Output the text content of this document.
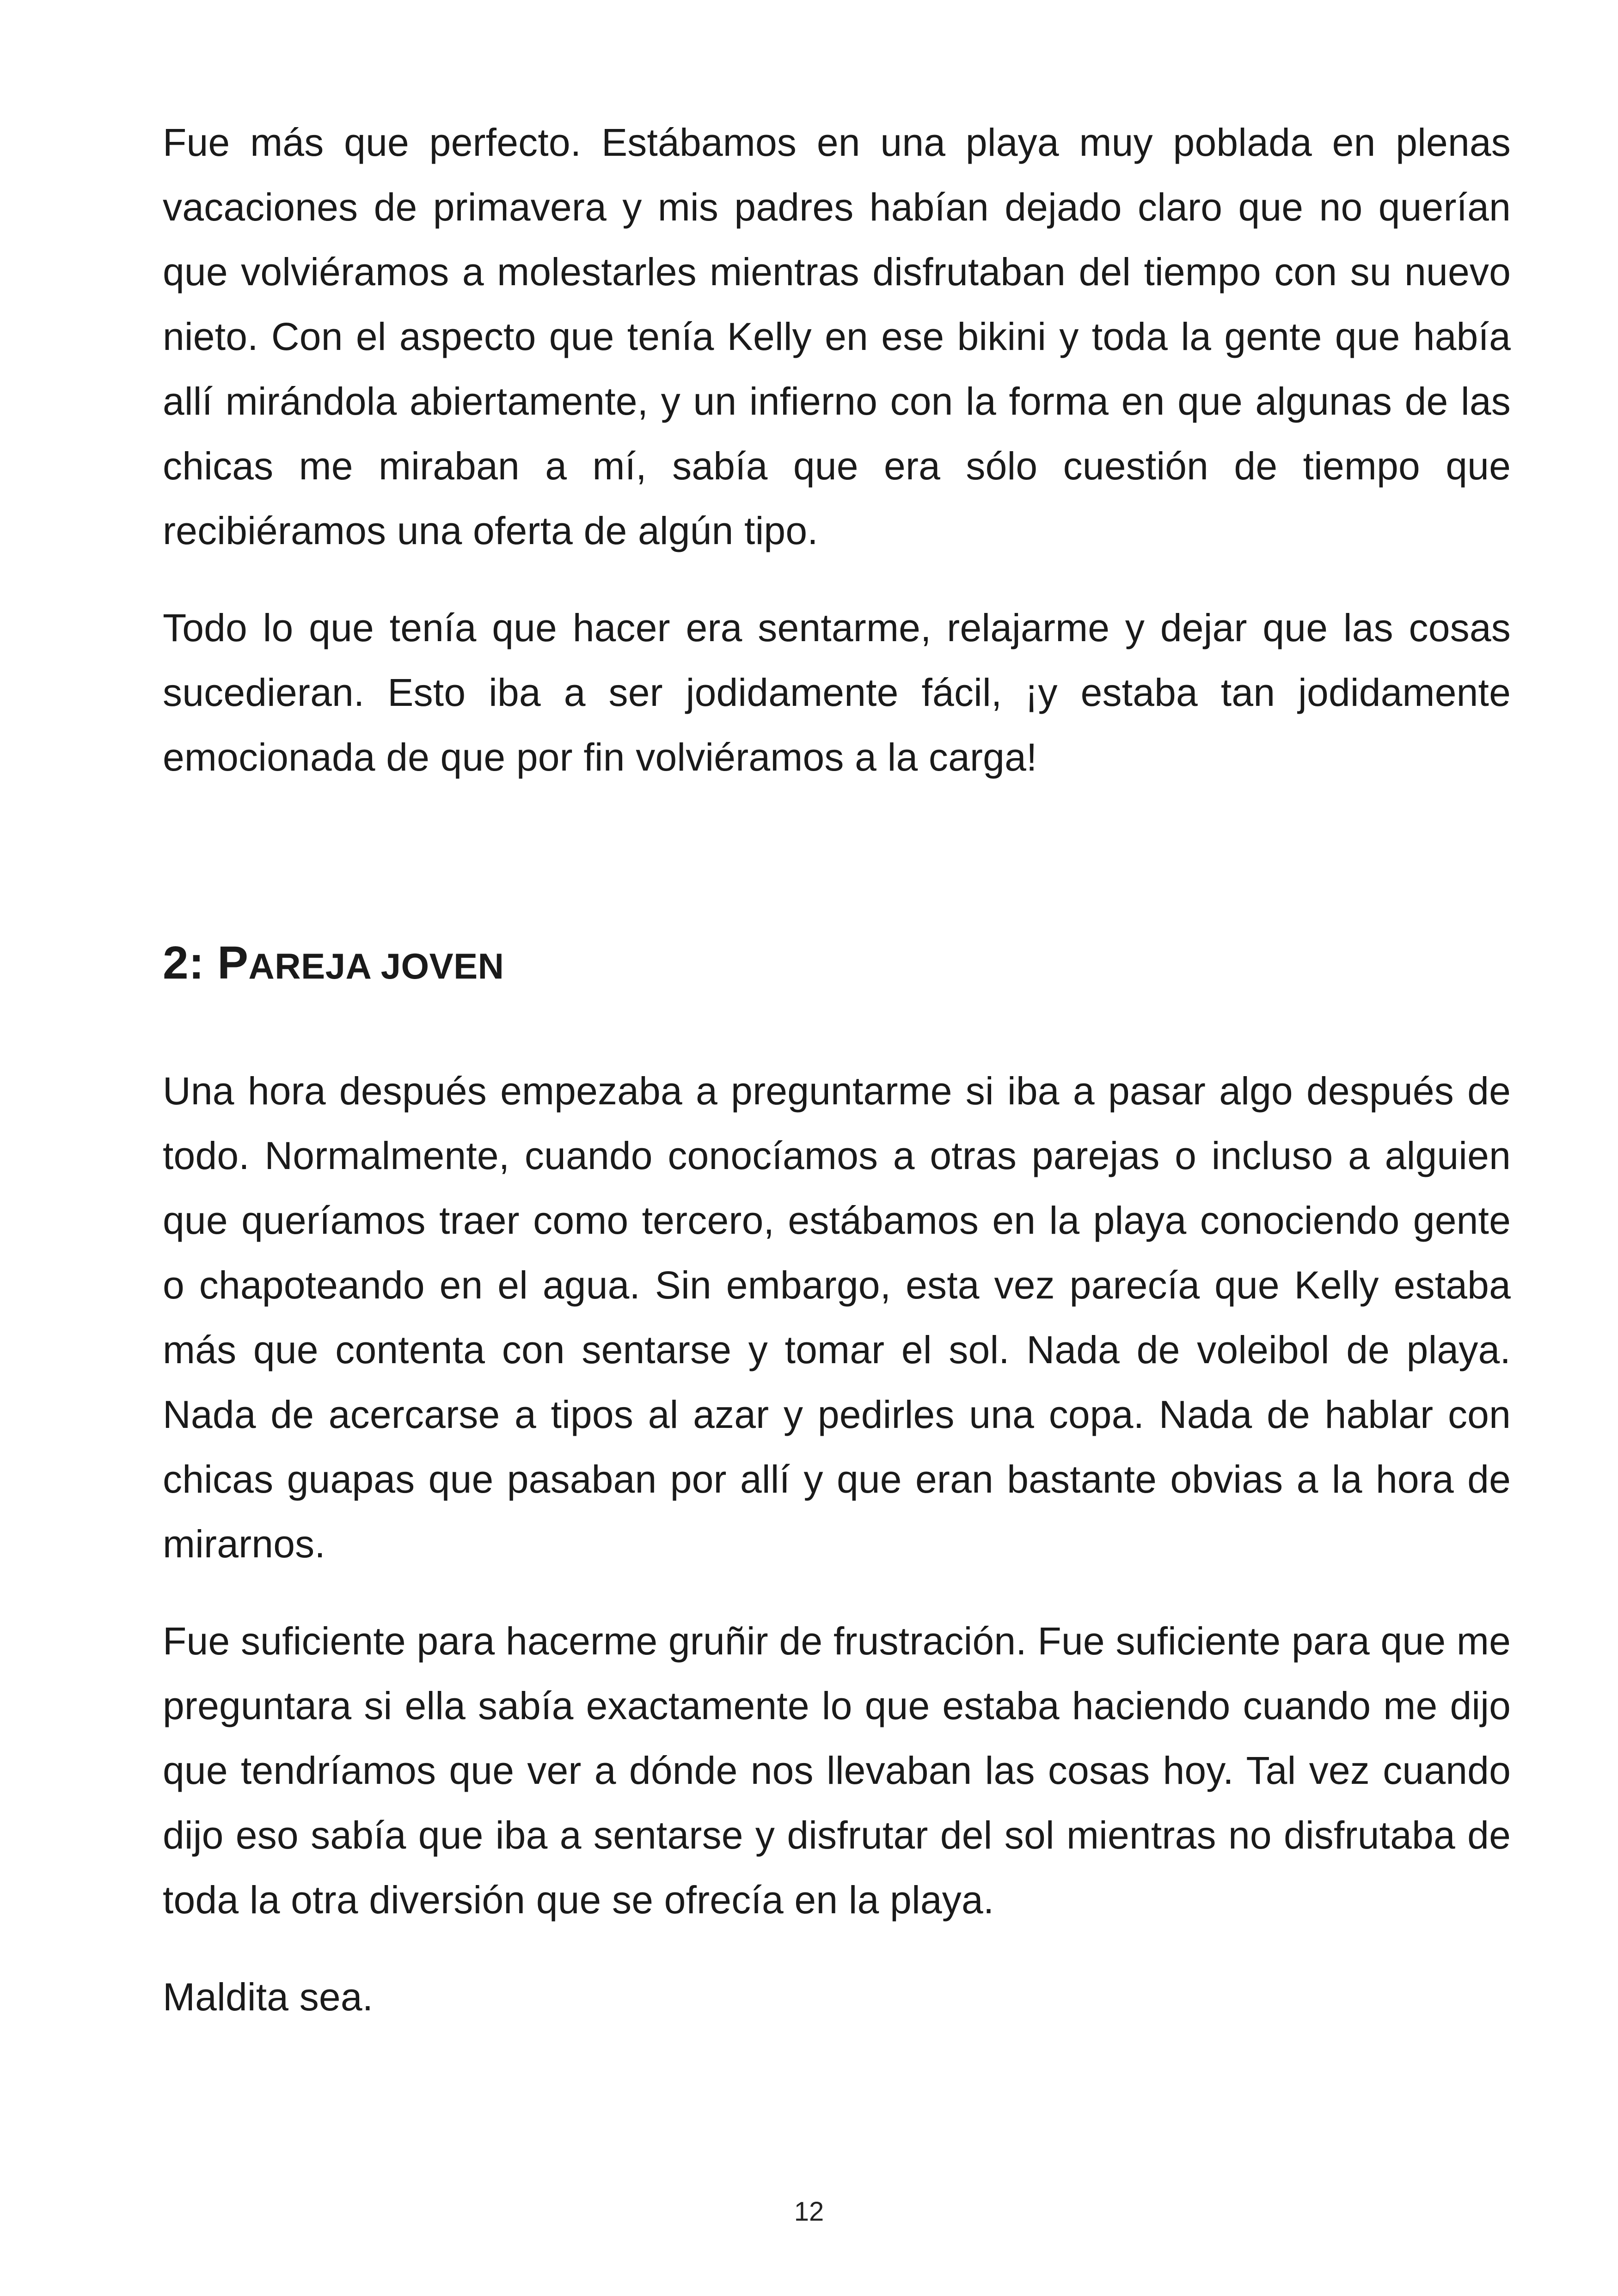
Fue más que perfecto. Estábamos en una playa muy poblada en plenas vacaciones de primavera y mis padres habían dejado claro que no querían que volviéramos a molestarles mientras disfrutaban del tiempo con su nuevo nieto. Con el aspecto que tenía Kelly en ese bikini y toda la gente que había allí mirándola abiertamente, y un infierno con la forma en que algunas de las chicas me miraban a mí, sabía que era sólo cuestión de tiempo que recibiéramos una oferta de algún tipo.

Todo lo que tenía que hacer era sentarme, relajarme y dejar que las cosas sucedieran. Esto iba a ser jodidamente fácil, ¡y estaba tan jodidamente emocionada de que por fin volviéramos a la carga!

2: PAREJA JOVEN

Una hora después empezaba a preguntarme si iba a pasar algo después de todo. Normalmente, cuando conocíamos a otras parejas o incluso a alguien que queríamos traer como tercero, estábamos en la playa conociendo gente o chapoteando en el agua. Sin embargo, esta vez parecía que Kelly estaba más que contenta con sentarse y tomar el sol. Nada de voleibol de playa. Nada de acercarse a tipos al azar y pedirles una copa. Nada de hablar con chicas guapas que pasaban por allí y que eran bastante obvias a la hora de mirarnos.

Fue suficiente para hacerme gruñir de frustración. Fue suficiente para que me preguntara si ella sabía exactamente lo que estaba haciendo cuando me dijo que tendríamos que ver a dónde nos llevaban las cosas hoy. Tal vez cuando dijo eso sabía que iba a sentarse y disfrutar del sol mientras no disfrutaba de toda la otra diversión que se ofrecía en la playa.

Maldita sea.

12
